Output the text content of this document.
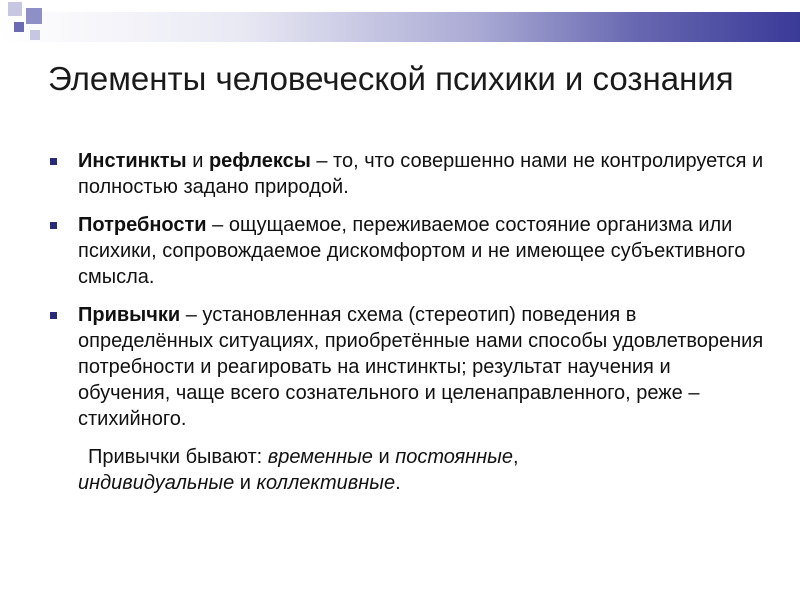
Элементы человеческой психики и сознания
Инстинкты и рефлексы – то, что совершенно нами не контролируется и полностью задано природой.
Потребности – ощущаемое, переживаемое состояние организма или психики, сопровождаемое дискомфортом и не имеющее субъективного смысла.
Привычки – установленная схема (стереотип) поведения в определённых ситуациях, приобретённые нами способы удовлетворения потребности и реагировать на инстинкты; результат научения и обучения, чаще всего сознательного и целенаправленного, реже – стихийного.
Привычки бывают: временные и постоянные,
индивидуальные и коллективные.
